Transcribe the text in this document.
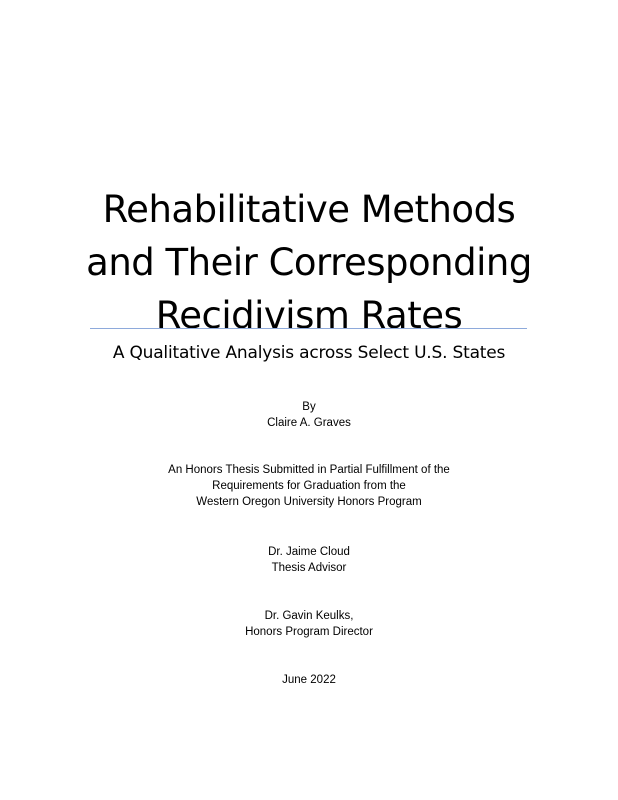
Rehabilitative Methods
and Their Corresponding
Recidivism Rates
A Qualitative Analysis across Select U.S. States
By
Claire A. Graves
An Honors Thesis Submitted in Partial Fulfillment of the
Requirements for Graduation from the
Western Oregon University Honors Program
Dr. Jaime Cloud
Thesis Advisor
Dr. Gavin Keulks,
Honors Program Director
June 2022
